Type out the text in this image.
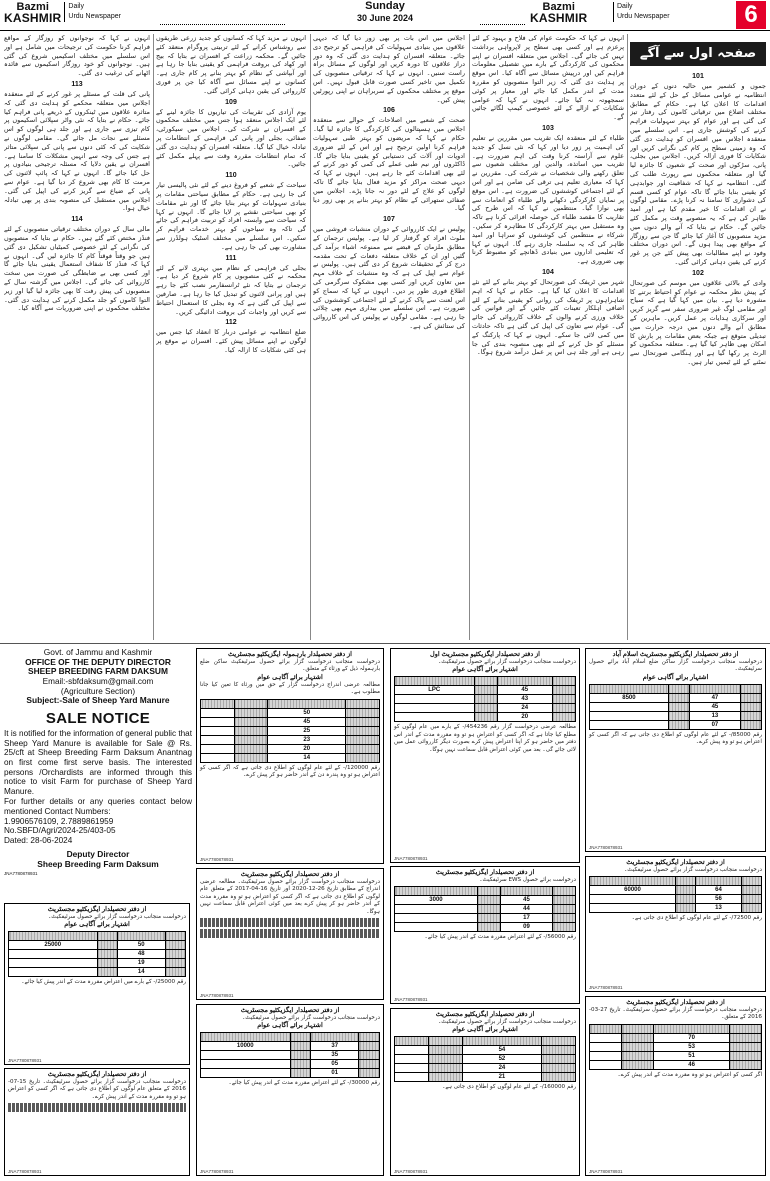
Bazmi
KASHMIR
Daily
Urdu Newspaper
Sunday
30 June 2024
Bazmi
KASHMIR
Daily
Urdu Newspaper	6
صفحہ اول سے آگے
101
جموں و کشمیر میں حالیہ دنوں کے دوران انتظامیہ نے عوامی مسائل کے حل کے لئے متعدد اقدامات کا اعلان کیا ہے۔ حکام کے مطابق مختلف اضلاع میں ترقیاتی کاموں کی رفتار تیز کی گئی ہے اور عوام کو بہتر سہولیات فراہم کرنے کی کوشش جاری ہے۔ اس سلسلے میں منعقدہ اجلاس میں افسران کو ہدایت دی گئی کہ وہ زمینی سطح پر کام کی نگرانی کریں اور شکایات کا فوری ازالہ کریں۔ اجلاس میں بجلی، پانی، سڑکوں اور صحت کے شعبوں کا جائزہ لیا گیا اور متعلقہ محکموں سے رپورٹ طلب کی گئی۔ انتظامیہ نے کہا کہ شفافیت اور جوابدہی کو یقینی بنایا جائے گا تاکہ عوام کو کسی قسم کی دشواری کا سامنا نہ کرنا پڑے۔ مقامی لوگوں نے ان اقدامات کا خیر مقدم کیا ہے اور امید ظاہر کی ہے کہ یہ منصوبے وقت پر مکمل کئے جائیں گے۔ حکام نے بتایا کہ آنے والے دنوں میں مزید منصوبوں کا آغاز کیا جائے گا جن سے روزگار کے مواقع بھی پیدا ہوں گے۔ اس دوران مختلف وفود نے اپنے مطالبات بھی پیش کئے جن پر غور کرنے کی یقین دہانی کرائی گئی۔
102
وادی کے بالائی علاقوں میں موسم کی صورتحال کے پیش نظر محکمہ نے عوام کو احتیاط برتنے کا مشورہ دیا ہے۔ بیان میں کہا گیا ہے کہ سیاح اور مقامی لوگ غیر ضروری سفر سے گریز کریں اور سرکاری ہدایات پر عمل کریں۔ ماہرین کے مطابق آنے والے دنوں میں درجہ حرارت میں تبدیلی متوقع ہے جبکہ بعض مقامات پر بارش کا امکان بھی ظاہر کیا گیا ہے۔ متعلقہ محکموں کو الرٹ پر رکھا گیا ہے اور ہنگامی صورتحال سے نمٹنے کے لئے ٹیمیں تیار ہیں۔
انہوں نے کہا کہ حکومت عوام کی فلاح و بہبود کے لئے پرعزم ہے اور کسی بھی سطح پر لاپرواہی برداشت نہیں کی جائے گی۔ اجلاس میں متعلقہ افسران نے اپنے محکموں کی کارکردگی کے بارے میں تفصیلی معلومات فراہم کیں اور درپیش مسائل سے آگاہ کیا۔ اس موقع پر ہدایت دی گئی کہ زیر التوا منصوبوں کو مقررہ مدت کے اندر مکمل کیا جائے اور معیار پر کوئی سمجھوتہ نہ کیا جائے۔ انہوں نے کہا کہ عوامی شکایات کے ازالے کے لئے خصوصی کیمپ لگائے جائیں گے۔
103
طلباء کے لئے منعقدہ ایک تقریب میں مقررین نے تعلیم کی اہمیت پر زور دیا اور کہا کہ نئی نسل کو جدید علوم سے آراستہ کرنا وقت کی اہم ضرورت ہے۔ تقریب میں اساتذہ، والدین اور مختلف شعبوں سے تعلق رکھنے والی شخصیات نے شرکت کی۔ مقررین نے کہا کہ معیاری تعلیم ہی ترقی کی ضامن ہے اور اس کے لئے اجتماعی کوششوں کی ضرورت ہے۔ اس موقع پر نمایاں کارکردگی دکھانے والے طلباء کو انعامات سے بھی نوازا گیا۔ منتظمین نے کہا کہ اس طرح کی تقاریب کا مقصد طلباء کی حوصلہ افزائی کرنا ہے تاکہ وہ مستقبل میں بہتر کارکردگی کا مظاہرہ کر سکیں۔ شرکاء نے منتظمین کی کوششوں کو سراہا اور امید ظاہر کی کہ یہ سلسلہ جاری رہے گا۔ انہوں نے کہا کہ تعلیمی اداروں میں بنیادی ڈھانچے کو مضبوط کرنا بھی ضروری ہے۔
104
شہر میں ٹریفک کی صورتحال کو بہتر بنانے کے لئے نئے اقدامات کا اعلان کیا گیا ہے۔ حکام نے کہا کہ اہم شاہراہوں پر ٹریفک کی روانی کو یقینی بنانے کے لئے اضافی اہلکار تعینات کئے جائیں گے اور قوانین کی خلاف ورزی کرنے والوں کے خلاف کارروائی کی جائے گی۔ عوام سے تعاون کی اپیل کی گئی ہے تاکہ حادثات میں کمی لائی جا سکے۔ انہوں نے کہا کہ پارکنگ کے مسئلے کو حل کرنے کے لئے بھی منصوبہ بندی کی جا رہی ہے اور جلد ہی اس پر عمل درآمد شروع ہوگا۔
اجلاس میں اس بات پر بھی زور دیا گیا کہ دیہی علاقوں میں بنیادی سہولیات کی فراہمی کو ترجیح دی جائے۔ متعلقہ افسران کو ہدایت دی گئی کہ وہ دور دراز علاقوں کا دورہ کریں اور لوگوں کے مسائل براہ راست سنیں۔ انہوں نے کہا کہ ترقیاتی منصوبوں کی تکمیل میں تاخیر کسی صورت قابل قبول نہیں۔ اس موقع پر مختلف محکموں کے سربراہان نے اپنی رپورٹیں پیش کیں۔
106
صحت کے شعبے میں اصلاحات کے حوالے سے منعقدہ اجلاس میں ہسپتالوں کی کارکردگی کا جائزہ لیا گیا۔ حکام نے کہا کہ مریضوں کو بہتر طبی سہولیات فراہم کرنا اولین ترجیح ہے اور اس کے لئے ضروری ادویات اور آلات کی دستیابی کو یقینی بنایا جائے گا۔ ڈاکٹروں اور نیم طبی عملے کی کمی کو دور کرنے کے لئے بھی اقدامات کئے جا رہے ہیں۔ انہوں نے کہا کہ دیہی صحت مراکز کو مزید فعال بنایا جائے گا تاکہ لوگوں کو علاج کے لئے دور نہ جانا پڑے۔ اجلاس میں صفائی ستھرائی کے نظام کو بہتر بنانے پر بھی زور دیا گیا۔
107
پولیس نے ایک کارروائی کے دوران منشیات فروشی میں ملوث افراد کو گرفتار کر لیا ہے۔ پولیس ترجمان کے مطابق ملزمان کے قبضے سے ممنوعہ اشیاء برآمد کی گئیں اور ان کے خلاف متعلقہ دفعات کے تحت مقدمہ درج کر کے تحقیقات شروع کر دی گئی ہیں۔ پولیس نے عوام سے اپیل کی ہے کہ وہ منشیات کے خلاف مہم میں تعاون کریں اور کسی بھی مشکوک سرگرمی کی اطلاع فوری طور پر دیں۔ انہوں نے کہا کہ سماج کو اس لعنت سے پاک کرنے کے لئے اجتماعی کوششوں کی ضرورت ہے۔ اس سلسلے میں بیداری مہم بھی چلائی جا رہی ہے۔ مقامی لوگوں نے پولیس کی اس کارروائی کی ستائش کی ہے۔
انہوں نے مزید کہا کہ کسانوں کو جدید زرعی طریقوں سے روشناس کرانے کے لئے تربیتی پروگرام منعقد کئے جائیں گے۔ محکمہ زراعت کے افسران نے بتایا کہ بیج اور کھاد کی بروقت فراہمی کو یقینی بنایا جا رہا ہے اور آبپاشی کے نظام کو بہتر بنانے پر کام جاری ہے۔ کسانوں نے اپنے مسائل سے آگاہ کیا جن پر فوری کارروائی کی یقین دہانی کرائی گئی۔
109
یوم آزادی کی تقریبات کی تیاریوں کا جائزہ لینے کے لئے ایک اجلاس منعقد ہوا جس میں مختلف محکموں کے افسران نے شرکت کی۔ اجلاس میں سیکورٹی، صفائی، بجلی اور پانی کی فراہمی کے انتظامات پر تبادلہ خیال کیا گیا۔ متعلقہ افسران کو ہدایت دی گئی کہ تمام انتظامات مقررہ وقت سے پہلے مکمل کئے جائیں۔
110
سیاحت کے شعبے کو فروغ دینے کے لئے نئی پالیسی تیار کی جا رہی ہے۔ حکام کے مطابق سیاحتی مقامات پر بنیادی سہولیات کو بہتر بنایا جائے گا اور نئے مقامات کو بھی سیاحتی نقشے پر لایا جائے گا۔ انہوں نے کہا کہ سیاحت سے وابستہ افراد کو تربیت فراہم کی جائے گی تاکہ وہ سیاحوں کو بہتر خدمات فراہم کر سکیں۔ اس سلسلے میں مختلف اسٹیک ہولڈرز سے مشاورت بھی کی جا رہی ہے۔
111
بجلی کی فراہمی کے نظام میں بہتری لانے کے لئے محکمہ نے کئی منصوبوں پر کام شروع کر دیا ہے۔ ترجمان نے بتایا کہ نئے ٹرانسفارمر نصب کئے جا رہے ہیں اور پرانی لائنوں کو تبدیل کیا جا رہا ہے۔ صارفین سے اپیل کی گئی ہے کہ وہ بجلی کا استعمال احتیاط سے کریں اور واجبات کی بروقت ادائیگی کریں۔
112
ضلع انتظامیہ نے عوامی دربار کا انعقاد کیا جس میں لوگوں نے اپنے مسائل پیش کئے۔ افسران نے موقع پر ہی کئی شکایات کا ازالہ کیا۔
انہوں نے کہا کہ نوجوانوں کو روزگار کے مواقع فراہم کرنا حکومت کی ترجیحات میں شامل ہے اور اس سلسلے میں مختلف اسکیمیں شروع کی گئی ہیں۔ نوجوانوں کو خود روزگار اسکیموں سے فائدہ اٹھانے کی ترغیب دی گئی۔
113
پانی کی قلت کے مسئلے پر غور کرنے کے لئے منعقدہ اجلاس میں متعلقہ محکمے کو ہدایت دی گئی کہ متاثرہ علاقوں میں ٹینکروں کے ذریعے پانی فراہم کیا جائے۔ حکام نے بتایا کہ نئی واٹر سپلائی اسکیموں پر کام تیزی سے جاری ہے اور جلد ہی لوگوں کو اس مسئلے سے نجات مل جائے گی۔ مقامی لوگوں نے شکایت کی کہ کئی دنوں سے پانی کی سپلائی متاثر ہے جس کی وجہ سے انہیں مشکلات کا سامنا ہے۔ افسران نے یقین دلایا کہ مسئلہ ترجیحی بنیادوں پر حل کیا جائے گا۔ انہوں نے کہا کہ پائپ لائنوں کی مرمت کا کام بھی شروع کر دیا گیا ہے۔ عوام سے پانی کے ضیاع سے گریز کرنے کی اپیل کی گئی۔ اجلاس میں مستقبل کی منصوبہ بندی پر بھی تبادلہ خیال ہوا۔
114
مالی سال کے دوران مختلف ترقیاتی منصوبوں کے لئے فنڈز مختص کئے گئے ہیں۔ حکام نے بتایا کہ منصوبوں کی نگرانی کے لئے خصوصی کمیٹیاں تشکیل دی گئی ہیں جو وقتاً فوقتاً کام کا جائزہ لیں گی۔ انہوں نے کہا کہ فنڈز کا شفاف استعمال یقینی بنایا جائے گا اور کسی بھی بے ضابطگی کی صورت میں سخت کارروائی کی جائے گی۔ اجلاس میں گزشتہ سال کے منصوبوں کی پیش رفت کا بھی جائزہ لیا گیا اور زیر التوا کاموں کو جلد مکمل کرنے کی ہدایت دی گئی۔ مختلف محکموں نے اپنی ضروریات سے آگاہ کیا۔
Govt. of Jammu and Kashmir
OFFICE OF THE DEPUTY DIRECTOR
SHEEP BREEDING FARM DAKSUM
Email:-sbfdaksum@gmail.com
(Agriculture Section)
Subject:-Sale of Sheep Yard Manure
SALE NOTICE
It is notified for the information of general public that Sheep Yard Manure is available for Sale @ Rs. 25/cft at Sheep Breeding Farm Daksum Anantnag on first come first serve basis. The interested persons /Orchardists are informed through this notice to visit Farm for purchase of Sheep Yard Manure.
For further details or any queries contact below mentioned Contact Numbers:
1.9906576109, 2.7889861959
No.SBFD/Agri/2024-25/403-05
Dated: 28-06-2024
Deputy Director
Sheep Breeding Farm Daksum
JNA7780878931
از دفتر تحصیلدار بارہمولہ ایگزیکٹیو مجسٹریٹ
درخواست منجانب درخواست گزار برائے حصول سرٹیفکیٹ ساکن ضلع بارہمولہ ذیل کے ورثاء کے متعلق۔
اشتہار برائے آگاہی عوام
مطالعہ عرضی اندراج درخواست گزار کے حق میں ورثاء کا تعین کیا جانا مطلوب ہے۔

		50	
		45	
		25	
		23	
		20	
		14	
رقم 120000/- کے لئے عام لوگوں کو اطلاع دی جاتی ہے کہ اگر کسی کو اعتراض ہو تو وہ پندرہ دن کے اندر حاضر ہو کر پیش کرے۔
JNA7780878931
از دفتر تحصیلدار ایگزیکٹیو مجسٹریٹ اول
درخواست منجانب درخواست گزار برائے حصول سرٹیفکیٹ۔
اشتہار برائے آگاہی عوام

LPC		45	
		43	
		24	
		20	
مطالعہ عرضی درخواست گزار رقم 454236/- کے بارے میں عام لوگوں کو مطلع کیا جاتا ہے کہ اگر کسی کو اعتراض ہو تو وہ مقررہ مدت کے اندر اس دفتر میں حاضر ہو کر اپنا اعتراض پیش کرے بصورت دیگر کارروائی عمل میں لائی جائے گی۔ بعد میں کوئی اعتراض قابل سماعت نہیں ہوگا۔
JNA7780878931
از دفتر تحصیلدار ایگزیکٹیو مجسٹریٹ اسلام آباد
درخواست منجانب درخواست گزار ساکن ضلع اسلام آباد برائے حصول سرٹیفکیٹ۔
اشتہار برائے آگاہی عوام

8500		47	
		45	
		13	
		07	
رقم 85000/- کے لئے عام لوگوں کو اطلاع دی جاتی ہے کہ اگر کسی کو اعتراض ہو تو وہ پیش کرے۔
JNA7780878931
از دفتر تحصیلدار ایگزیکٹیو مجسٹریٹ
درخواست منجانب درخواست گزار برائے حصول سرٹیفکیٹ۔
اشتہار برائے آگاہی عوام

25000		50	
		48	
		19	
		14	
رقم 25000/- کے بارے میں اعتراض مقررہ مدت کے اندر پیش کیا جائے۔
JNA7780878931
از دفتر تحصیلدار ایگزیکٹیو مجسٹریٹ
درخواست منجانب درخواست گزار برائے حصول سرٹیفکیٹ۔ مطالعہ عرضی اندراج کے مطابق تاریخ 26-12-2020 اور تاریخ 16-04-2017 کے متعلق عام لوگوں کو اطلاع دی جاتی ہے کہ اگر کسی کو اعتراض ہو تو وہ مقررہ مدت کے اندر حاضر ہو کر پیش کرے بعد میں کوئی اعتراض قابل سماعت نہیں ہوگا۔
JNA7780878931
از دفتر تحصیلدار ایگزیکٹیو مجسٹریٹ
درخواست برائے حصول EWS سرٹیفکیٹ۔

3000		45	
		44	
		17	
		09	
رقم 56000/- کے لئے اعتراض مقررہ مدت کے اندر پیش کیا جائے۔
JNA7780878931
از دفتر تحصیلدار ایگزیکٹیو مجسٹریٹ
درخواست منجانب درخواست گزار برائے حصول سرٹیفکیٹ۔

60000		64	
		56	
		13	
رقم 72500/- کے لئے عام لوگوں کو اطلاع دی جاتی ہے۔
JNA7780878931
از دفتر تحصیلدار ایگزیکٹیو مجسٹریٹ
درخواست منجانب درخواست گزار برائے حصول سرٹیفکیٹ۔
اشتہار برائے آگاہی عوام

10000		37	
		35	
		05	
		01	
رقم 30000/- کے لئے اعتراض مقررہ مدت کے اندر پیش کیا جائے۔
JNA7780878931
از دفتر تحصیلدار ایگزیکٹیو مجسٹریٹ
درخواست منجانب درخواست گزار برائے حصول سرٹیفکیٹ۔
اشتہار برائے آگاہی عوام

		54	
		52	
		24	
		21	
رقم 160000/- کے لئے عام لوگوں کو اطلاع دی جاتی ہے۔
JNA7780878931
از دفتر تحصیلدار ایگزیکٹیو مجسٹریٹ
درخواست منجانب درخواست گزار برائے حصول سرٹیفکیٹ۔ تاریخ 27-03-2016 کے متعلق۔

		70	
		53	
		51	
		46	
اگر کسی کو اعتراض ہو تو وہ مقررہ مدت کے اندر پیش کرے۔
JNA7780878931
از دفتر تحصیلدار ایگزیکٹیو مجسٹریٹ
درخواست منجانب درخواست گزار برائے حصول سرٹیفکیٹ۔ تاریخ 15-07-2016 کے متعلق عام لوگوں کو اطلاع دی جاتی ہے کہ اگر کسی کو اعتراض ہو تو وہ مقررہ مدت کے اندر پیش کرے۔
JNA7780878931
